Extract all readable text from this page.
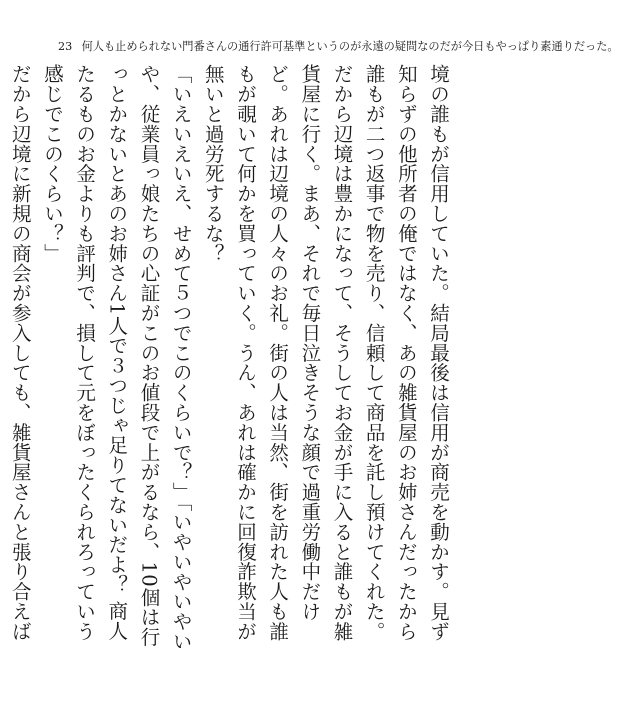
23 何人も止められない門番さんの通行許可基準というのが永遠の疑問なのだが今日もやっぱり素通りだった。

境の誰もが信用していた。結局最後は信用が商売を動かす。見ず知らずの他所者の俺ではなく、あの雑貨屋のお姉さんだったから誰もが二つ返事で物を売り、信頼して商品を託し預けてくれた。

だから辺境は豊かになって、そうしてお金が手に入ると誰もが雑貨屋に行く。まあ、それで毎日泣きそうな顔で過重労働中だけど。あれは辺境の人々のお礼。街の人は当然、街を訪れた人も誰もが覗いて何かを買っていく。うん、あれは確かに回復詐欺当が無いと過労死するな？

「いえいえいえ、せめて５つでこのくらいで？」「いやいやいやいや、従業員っ娘たちの心証がこのお値段で上がるなら、10個は行っとかないとあのお姉さん1人で３つじゃ足りてないだよ？ 商人たるものお金よりも評判で、損して元をぼったくられろっていう感じでこのくらい？」

だから辺境に新規の商会が参入しても、雑貨屋さんと張り合えば
